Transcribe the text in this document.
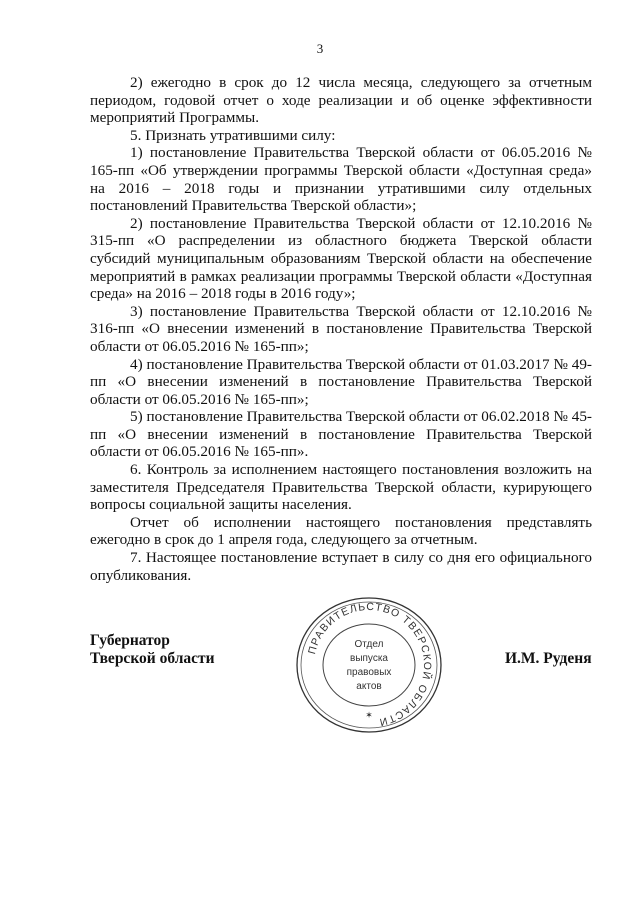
3

2) ежегодно в срок до 12 числа месяца, следующего за отчетным периодом, годовой отчет о ходе реализации и об оценке эффективности мероприятий Программы.

5. Признать утратившими силу:

1) постановление Правительства Тверской области от 06.05.2016 № 165-пп «Об утверждении программы Тверской области «Доступная среда» на 2016 – 2018 годы и признании утратившими силу отдельных постановлений Правительства Тверской области»;

2) постановление Правительства Тверской области от 12.10.2016 № 315-пп «О распределении из областного бюджета Тверской области субсидий муниципальным образованиям Тверской области на обеспечение мероприятий в рамках реализации программы Тверской области «Доступная среда» на 2016 – 2018 годы в 2016 году»;

3) постановление Правительства Тверской области от 12.10.2016 № 316-пп «О внесении изменений в постановление Правительства Тверской области от 06.05.2016 № 165-пп»;

4) постановление Правительства Тверской области от 01.03.2017 № 49-пп «О внесении изменений в постановление Правительства Тверской области от 06.05.2016 № 165-пп»;

5) постановление Правительства Тверской области от 06.02.2018 № 45-пп «О внесении изменений в постановление Правительства Тверской области от 06.05.2016 № 165-пп».

6. Контроль за исполнением настоящего постановления возложить на заместителя Председателя Правительства Тверской области, курирующего вопросы социальной защиты населения.

Отчет об исполнении настоящего постановления представлять ежегодно в срок до 1 апреля года, следующего за отчетным.

7. Настоящее постановление вступает в силу со дня его официального опубликования.

Губернатор
Тверской области	ПРАВИТЕЛЬСТВО ТВЕРСКОЙ ОБЛАСТИ
Отдел
выпуска
правовых
актов
✶
И.М. Руденя
